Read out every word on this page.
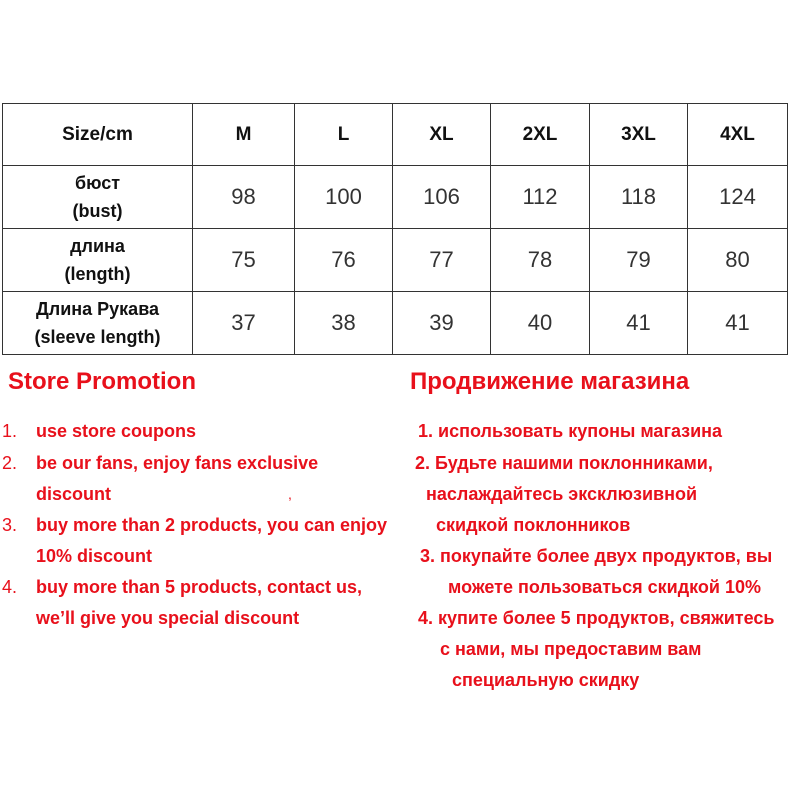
Size/cm	M	L	XL	2XL	3XL	4XL

бюст
(bust)	98	100	106	112	118	124

длина
(length)	75	76	77	78	79	80

Длина Рукава
(sleeve length)	37	38	39	40	41	41
Store Promotion
1. use store coupons
2. be our fans, enjoy fans exclusive
discount	,
3. buy more than 2 products, you can enjoy
10% discount
4. buy more than 5 products, contact us,
we’ll give you special discount
Продвижение магазина
1. использовать купоны магазина
2. Будьте нашими поклонниками,
наслаждайтесь эксклюзивной
скидкой поклонников
3. покупайте более двух продуктов, вы
можете пользоваться скидкой 10%
4. купите более 5 продуктов, свяжитесь
с нами, мы предоставим вам
специальную скидку
